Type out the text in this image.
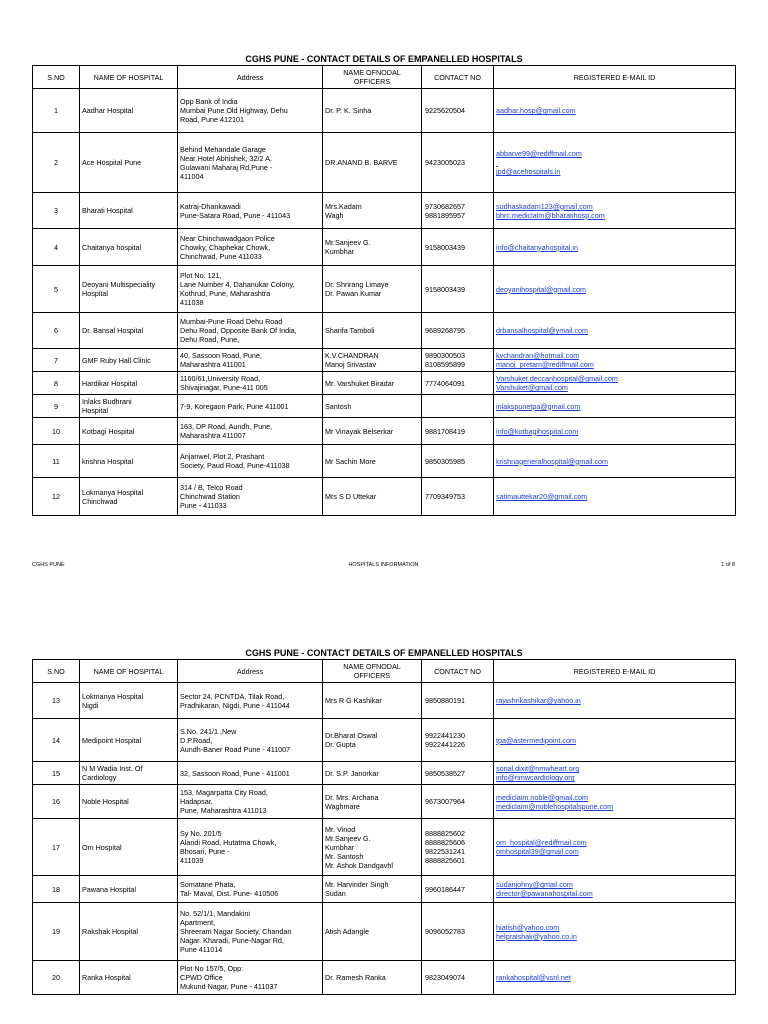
CGHS PUNE - CONTACT DETAILS OF EMPANELLED HOSPITALS
S.NO	NAME OF HOSPITAL	Address	NAME OFNODAL OFFICERS	CONTACT NO	REGISTERED E-MAIL ID
1	Aadhar Hospital	Opp Bank of India
Mumbai Pune Old Highway, Dehu
Road, Pune 412101	Dr. P. K. Sinha	9225620504	aadhar.hosp@gmail.com

2	Ace Hospital Pune	Behind Mehandale Garage
Near Hotel Abhishek, 32/2 A,
Gulawani Maharaj Rd,Pune -
411004	DR.ANAND B. BARVE	9423005023	abbarve99@rediffmail.com

jpd@acehospitals.in

3	Bharati Hospital	Katraj-Dhankawadi
Pune-Satara Road, Pune - 411043	Mrs.Kadam
Wagh	9730682657
9881895957	sudhaskadam123@gmail.com
bhrc.mediclaim@bharatihosp.com

4	Chaitanya hospital	Near Chinchawadgaon Police
Chowky, Chaphekar Chowk,
Chinchwad, Pune 411033	Mr.Sanjeev G.
Kumbhar	9158003439	info@chaitanyahospital.in

5	Deoyani Multispeciality
Hospital	Plot No. 121,
Lane Number 4, Dahanukar Colony,
Kothrud, Pune, Maharashtra
411038	Dr. Shrirang Limaye
Dr. Pawan Kumar	9158003439	deoyanihospital@gmail.com

6	Dr. Bansal Hospital	Mumbai-Pune Road Dehu Road
Dehu Road, Opposite Bank Of India,
Dehu Road, Pune,	Sharifa Tamboli	9689268795	drbansalhospital@ymail.com

7	GMF Ruby Hall Clinic	40, Sassoon Road, Pune,
Maharashtra 411001	K.V.CHANDRAN
Manoj Srivastav	9890300503
8108595899	kvchandran@hotmail.com
manoj_pretam@rediffmail.com

8	Hardikar Hospital	1160/61,University Road,
Shivajinagar, Pune-411 005	Mr. Varshuket Biradar	7774064091	Varshuket.deccanhospital@gmail.com
Varshuket@gmail.com

9	Inlaks Budhrani
Hospital	7-9, Koregaon Park, Pune 411001	Santosh		inlakspunetpa@gmail.com

10	Kotbagi Hospital	163, DP Road, Aundh, Pune,
Maharashtra 411007	Mr Vinayak Belserkar	9881708419	info@kotbagihospital.com

11	krishna Hospital	Anjanwel, Plot 2, Prashant
Society, Paud Road, Pune-411038	Mr Sachin More	9850305985	krishnageneralhospital@gmail.com

12	Lokmanya Hospital
Chinchwad	314 / B, Telco Road
Chinchwad Station
Pune - 411033	Mrs S D Uttekar	7709349753	satimauttekar20@gmail.com
CGHS PUNE	HOSPITALS INFORMATION	1 of 8
CGHS PUNE - CONTACT DETAILS OF EMPANELLED HOSPITALS
S.NO	NAME OF HOSPITAL	Address	NAME OFNODAL OFFICERS	CONTACT NO	REGISTERED E-MAIL ID
13	Lokmanya Hospital
Nigdi	Sector 24, PCNTDA, Tilak Road,
Pradhikaran, Nigdi, Pune - 411044	Mrs R G Kashikar	9850880191	rajashrikashikar@yahoo.in

14	Medipoint Hospital	S.No. 241/1 ,New
D.P.Road,
Aundh-Baner Road Pune - 411007	Dr.Bharat Oswal
Dr. Gupta	9922441230
9922441226	tpa@astermedipoint.com

15	N M Wadia Inst. Of
Cardiology	32, Sassoon Road, Pune - 411001	Dr. S.P. Janorkar	9850538527	sonal.dixit@nmwheart.org
info@nmwcardiology.org

16	Noble Hospital	153, Magarpatta City Road,
Hadapsar,
Pune, Maharashtra 411013	Dr. Mrs. Archana
Waghmare	9673007964	mediclaim.noble@gmail.com
mediclaim@noblehospitalspune.com

17	Om Hospital	Sy No. 201/5
Alandi Road, Hutatma Chowk,
Bhosari, Pune -
411039	Mr. Vinod
Mr.Sanjeev G.
Kumbhar
Mr. Santosh
Mr. Ashok Dandgavhl	8888825602
8888825606
9822531241
8888825601	om_hospital@rediffmail.com
omhospital39@gmail.com

18	Pawana Hospital	Somatane Phata,
Tal- Maval, Dist. Pune- 410506	Mr. Harvinder Singh
Sudan	9960186447	sudanjohny@gmail.com
director@pawanahospital.com

19	Rakshak Hospital	No. 52/1/1, Mandakini
Apartment,
Shreeram Nagar Society, Chandan
Nagar. Kharadi, Pune-Nagar Rd,
Pune 411014	Atish Adangle	9096052783	hiatish@yahoo.com
helpralshak@yahoo.co.in

20	Ranka Hospital	Plot No 157/5, Opp:
CPWD Office
Mukund Nagar, Pune - 411037	Dr. Ramesh Ranka	9823049074	rankahospital@vsnl.net
